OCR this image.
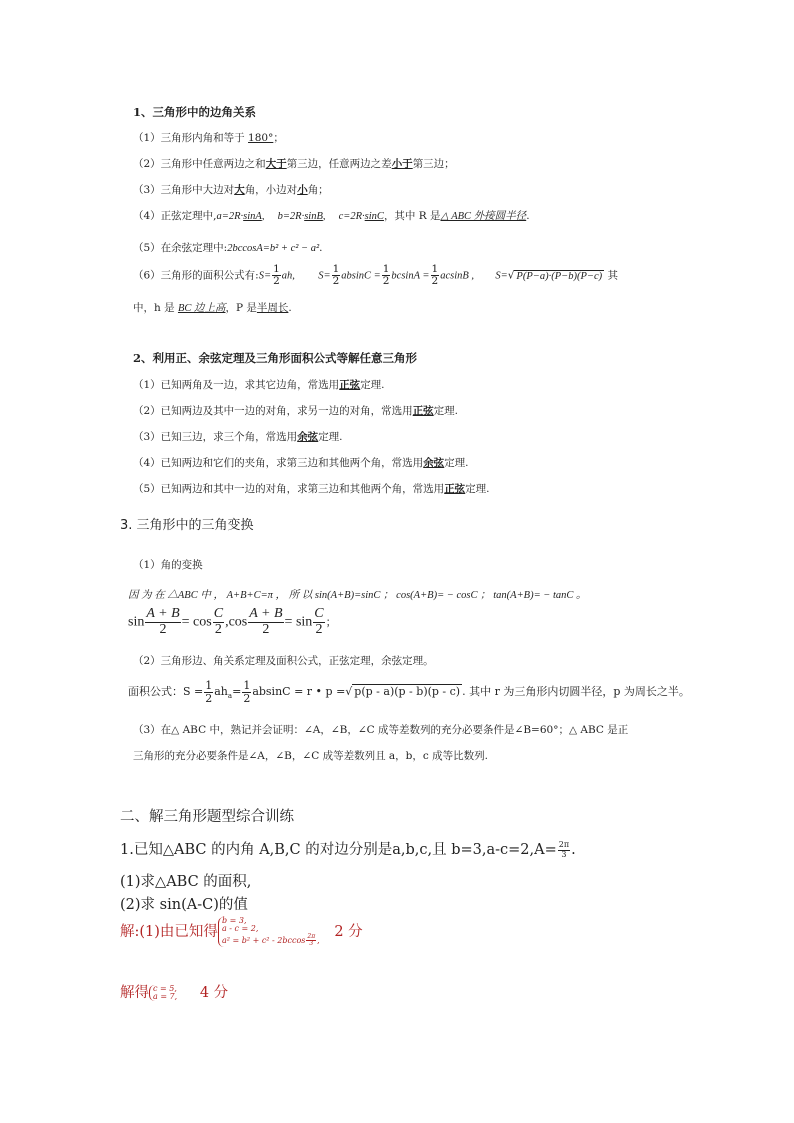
1、三角形中的边角关系
（1）三角形内角和等于 180°；
（2）三角形中任意两边之和大于第三边，任意两边之差小于第三边；
（3）三角形中大边对大角，小边对小角；
（4）正弦定理中,a=2R·sinA,     b=2R·sinB,     c=2R·sinC，其中 R 是△ ABC 外接圆半径.
（5）在余弦定理中:2bccosA=b² + c² − a².
（6）三角形的面积公式有:S= $\frac{1}{2}$ ah, $S= \frac{1}{2}$ $absinC = \frac{1}{2}$ $bcsinA = \frac{1}{2}$ acsinB , S=√ P(P−a)·(P−b)(P−c) 其
中，h 是 BC 边上高，P 是半周长.
2、利用正、余弦定理及三角形面积公式等解任意三角形
（1）已知两角及一边，求其它边角，常选用正弦定理.
（2）已知两边及其中一边的对角，求另一边的对角，常选用正弦定理.
（3）已知三边，求三个角，常选用余弦定理.
（4）已知两边和它们的夹角，求第三边和其他两个角，常选用余弦定理.
（5）已知两边和其中一边的对角，求第三边和其他两个角，常选用正弦定理.
3. 三角形中的三角变换
（1）角的变换
因 为 在 △ABC 中 ， A+B+C=π ， 所 以 sin(A+B)=sinC ； cos(A+B)= − cosC ； tan(A+B)= − tanC 。
$\sin \frac{A + B}{2} = \cos \frac{C}{2} ,\cos \frac{A + B}{2} = \sin \frac{C}{2}$ ；
（2）三角形边、角关系定理及面积公式，正弦定理，余弦定理。
面积公式：$S = \frac{1}{2} ah_a= \frac{1}{2}$ absinC = r • p =√ p(p - a)(p - b)(p - c) . 其中 r 为三角形内切圆半径，p 为周长之半。
（3）在△ ABC 中，熟记并会证明：∠A，∠B，∠C 成等差数列的充分必要条件是∠B=60°；△ ABC 是正
三角形的充分必要条件是∠A，∠B，∠C 成等差数列且 a，b，c 成等比数列.
二、解三角形题型综合训练
1.已知△ABC 的内角 A,B,C 的对边分别是a,b,c,且 $b=3,a-c=2,A= \frac{2\pi}{3}$ .
(1)求△ABC 的面积,
(2)求 sin(A-C)的值
解:(1)由已知得
b = 3,
a - c = 2,
$a^2 = b^2 + c^2 - 2bccos \frac{2\pi}{3}$ , 2 分
解得 c = 5,
a = 7, 4 分
